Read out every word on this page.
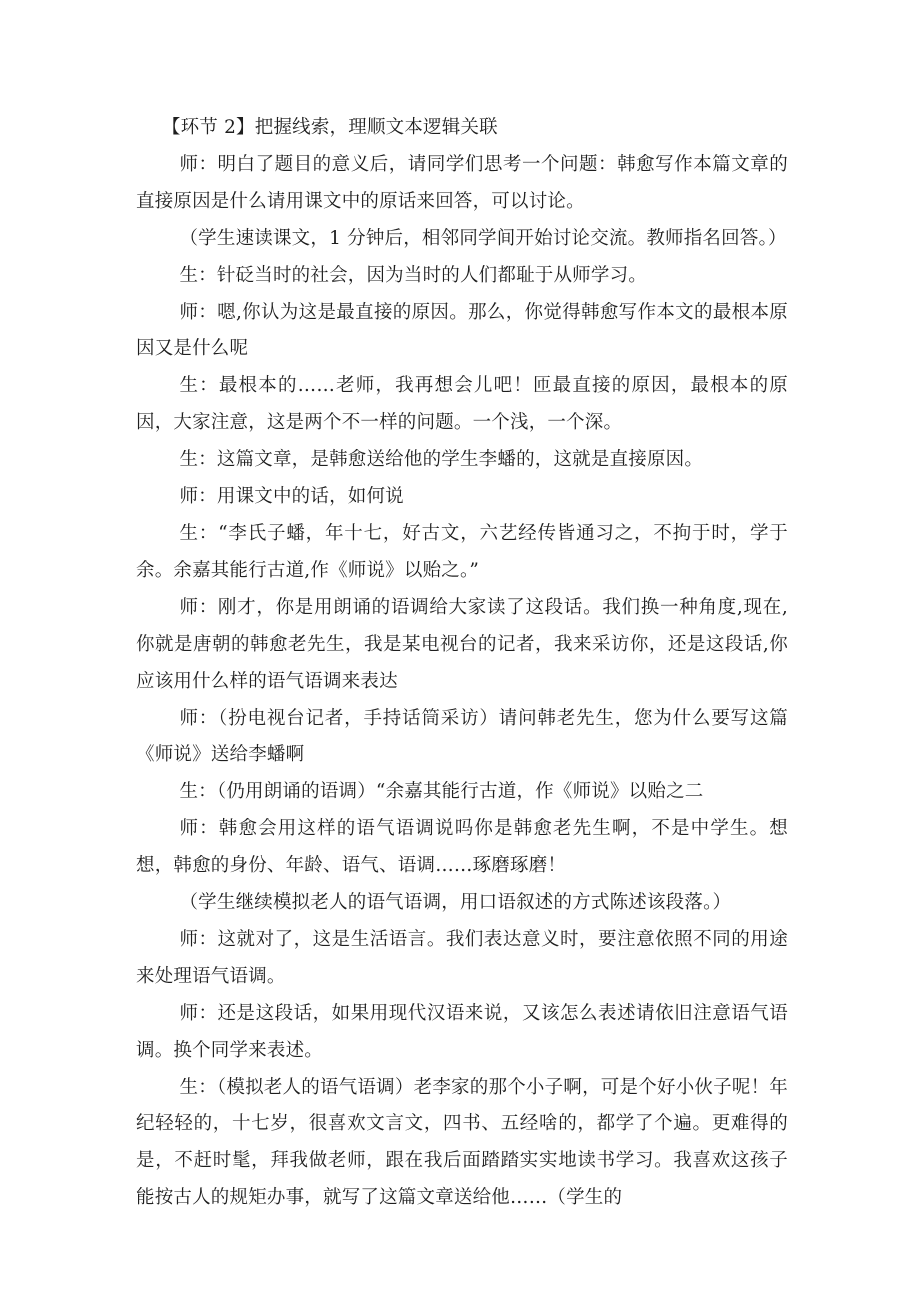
【环节 2】把握线索，理顺文本逻辑关联

师：明白了题目的意义后，请同学们思考一个问题：韩愈写作本篇文章的直接原因是什么请用课文中的原话来回答，可以讨论。

（学生速读课文，1 分钟后，相邻同学间开始讨论交流。教师指名回答。）

生：针砭当时的社会，因为当时的人们都耻于从师学习。

师：嗯,你认为这是最直接的原因。那么，你觉得韩愈写作本文的最根本原因又是什么呢

生：最根本的……老师，我再想会儿吧！匝最直接的原因，最根本的原因，大家注意，这是两个不一样的问题。一个浅，一个深。

生：这篇文章，是韩愈送给他的学生李蟠的，这就是直接原因。

师：用课文中的话，如何说

生：“李氏子蟠，年十七，好古文，六艺经传皆通习之，不拘于时，学于余。余嘉其能行古道,作《师说》以贻之。”

师：刚才，你是用朗诵的语调给大家读了这段话。我们换一种角度,现在,你就是唐朝的韩愈老先生，我是某电视台的记者，我来采访你，还是这段话,你应该用什么样的语气语调来表达

师：（扮电视台记者，手持话筒采访）请问韩老先生，您为什么要写这篇《师说》送给李蟠啊

生：（仍用朗诵的语调）“余嘉其能行古道，作《师说》以贻之二

师：韩愈会用这样的语气语调说吗你是韩愈老先生啊，不是中学生。想想，韩愈的身份、年龄、语气、语调……琢磨琢磨！

（学生继续模拟老人的语气语调，用口语叙述的方式陈述该段落。）

师：这就对了，这是生活语言。我们表达意义时，要注意依照不同的用途来处理语气语调。

师：还是这段话，如果用现代汉语来说，又该怎么表述请依旧注意语气语调。换个同学来表述。

生：（模拟老人的语气语调）老李家的那个小子啊，可是个好小伙子呢！年纪轻轻的，十七岁，很喜欢文言文，四书、五经啥的，都学了个遍。更难得的是，不赶时髦，拜我做老师，跟在我后面踏踏实实地读书学习。我喜欢这孩子能按古人的规矩办事，就写了这篇文章送给他……（学生的
